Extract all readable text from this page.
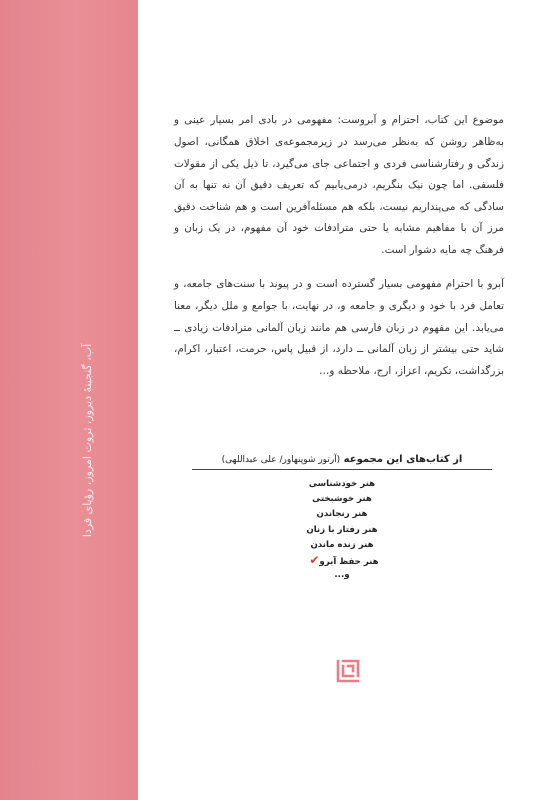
آب، گنجینهٔ دیروز، ثروت امروز، رؤیای فردا

موضوع این کتاب، احترام و آبروست: مفهومی در بادی امر بسیار عینی و به‌ظاهر روشن که به‌نظر می‌رسد در زیرمجموعه‌ی اخلاق همگانی، اصول زندگی و رفتارشناسی فردی و اجتماعی جای می‌گیرد، تا ذیل یکی از مقولات فلسفی. اما چون نیک بنگریم، درمی‌یابیم که تعریف دقیق آن نه تنها به آن سادگی که می‌پنداریم نیست، بلکه هم مسئله‌آفرین است و هم شناخت دقیق مرز آن با مفاهیم مشابه یا حتی مترادفات خود آن مفهوم، در یک زبان و فرهنگ چه مایه دشوار است.

آبرو با احترام مفهومی بسیار گسترده است و در پیوند با سنت‌های جامعه، و تعامل فرد با خود و دیگری و جامعه و، در نهایت، با جوامع و ملل دیگر، معنا می‌یابد. این مفهوم در زبان فارسی هم مانند زبان آلمانی مترادفات زیادی ــ شاید حتی بیشتر از زبان آلمانی ــ دارد، از قبیل پاس، حرمت، اعتبار، اکرام، بزرگداشت، تکریم، اعزاز، ارج، ملاحظه و…

از کتاب‌های این مجموعه (آرتور شوپنهاور/ علی عبداللهی)
هنر خودشناسی
هنر خوشبختی
هنر رنجاندن
هنر رفتار با زنان
هنر زنده ماندن
هنر حفظ آبرو✔
و...
